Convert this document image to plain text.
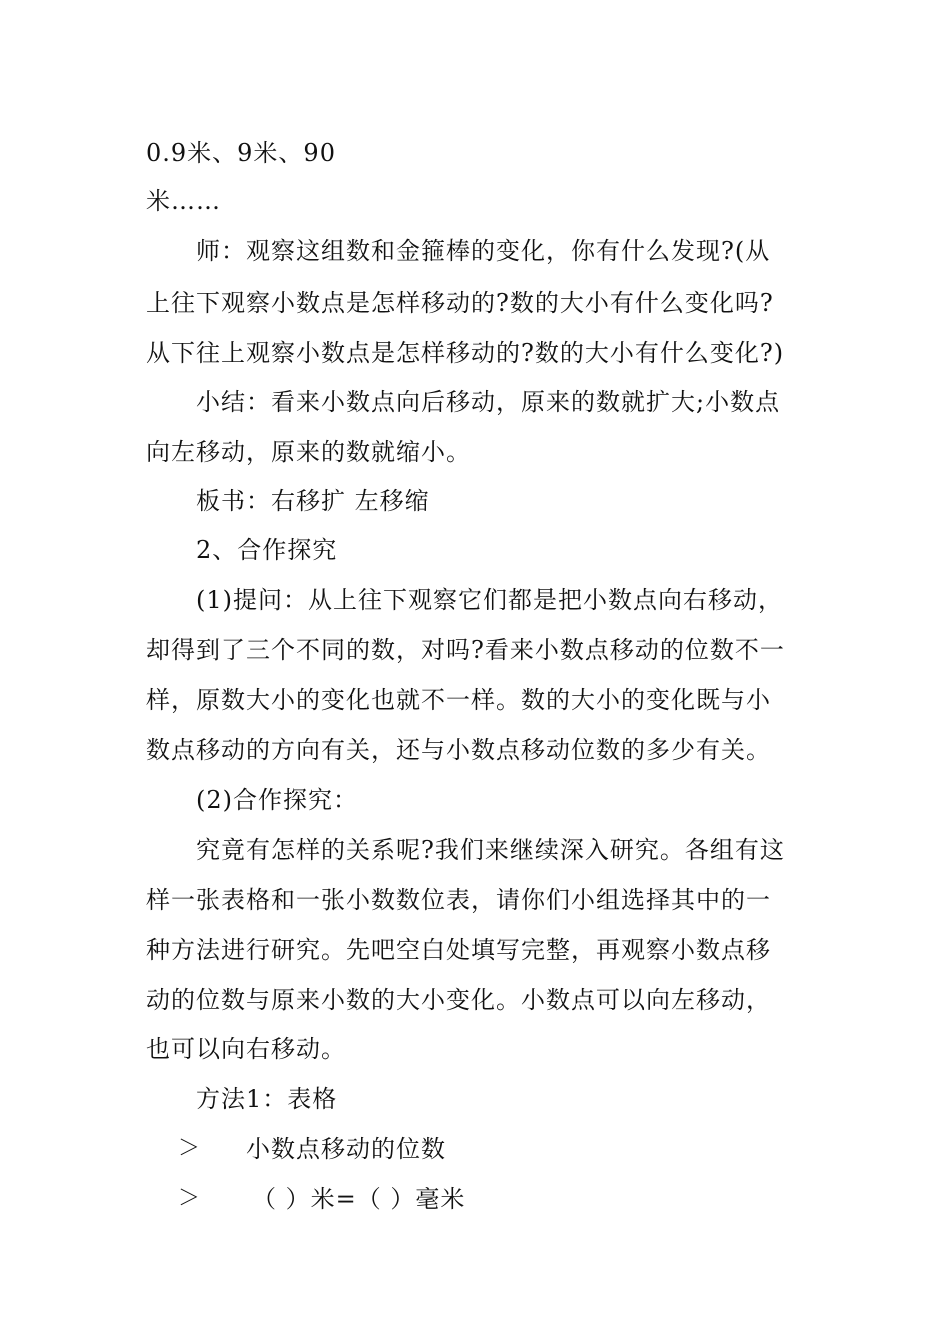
0.9米、9米、90
米……
师：观察这组数和金箍棒的变化，你有什么发现?(从
上往下观察小数点是怎样移动的?数的大小有什么变化吗?
从下往上观察小数点是怎样移动的?数的大小有什么变化?)
小结：看来小数点向后移动，原来的数就扩大;小数点
向左移动，原来的数就缩小。
板书：右移扩 左移缩
2、合作探究
(1)提问：从上往下观察它们都是把小数点向右移动，
却得到了三个不同的数，对吗?看来小数点移动的位数不一
样，原数大小的变化也就不一样。数的大小的变化既与小
数点移动的方向有关，还与小数点移动位数的多少有关。
(2)合作探究：
究竟有怎样的关系呢?我们来继续深入研究。各组有这
样一张表格和一张小数数位表，请你们小组选择其中的一
种方法进行研究。先吧空白处填写完整，再观察小数点移
动的位数与原来小数的大小变化。小数点可以向左移动，
也可以向右移动。
方法1：表格
＞ 小数点移动的位数
＞ （ ）米=（ ）毫米
